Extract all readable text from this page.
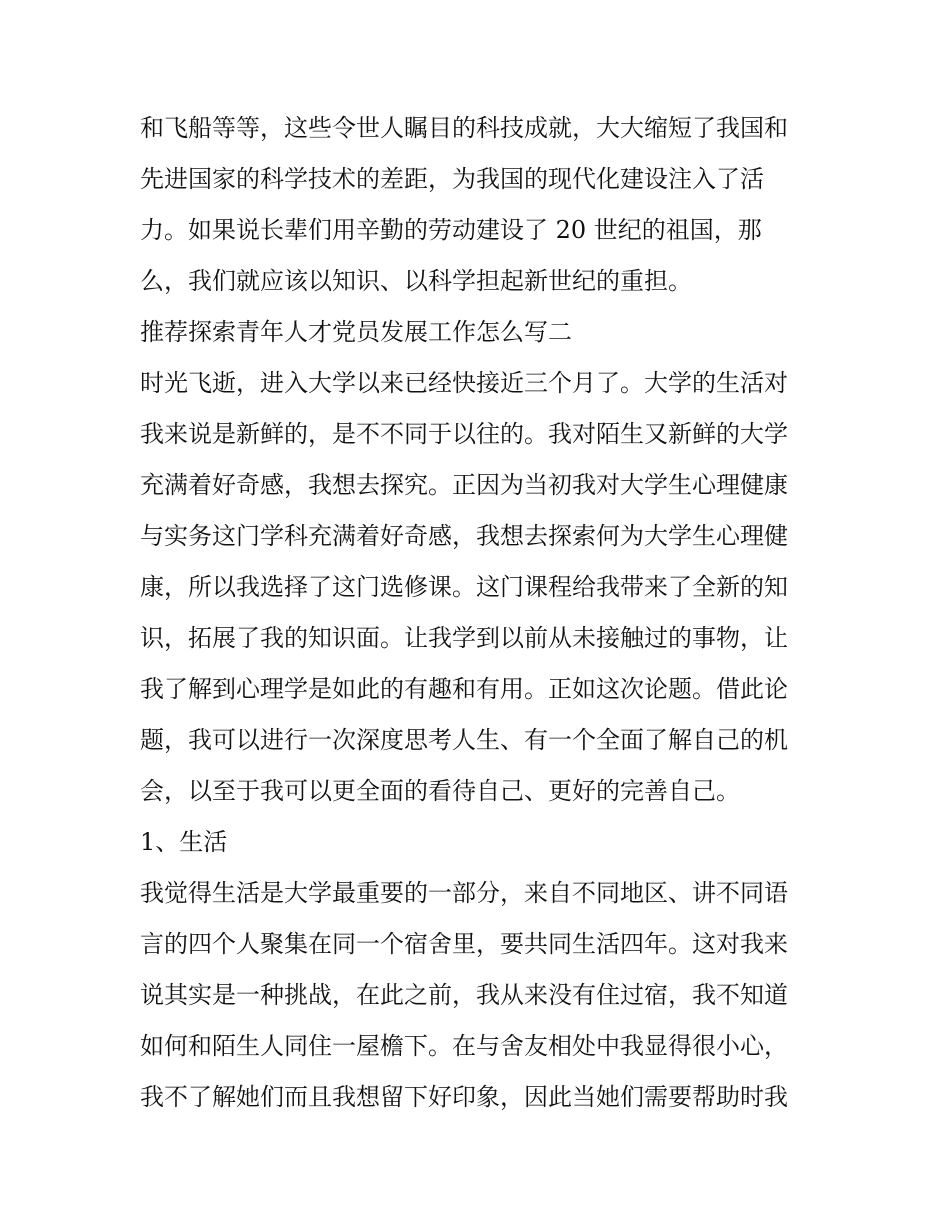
和飞船等等，这些令世人瞩目的科技成就，大大缩短了我国和
先进国家的科学技术的差距，为我国的现代化建设注入了活
力。如果说长辈们用辛勤的劳动建设了 20 世纪的祖国，那
么，我们就应该以知识、以科学担起新世纪的重担。
推荐探索青年人才党员发展工作怎么写二
时光飞逝，进入大学以来已经快接近三个月了。大学的生活对
我来说是新鲜的，是不不同于以往的。我对陌生又新鲜的大学
充满着好奇感，我想去探究。正因为当初我对大学生心理健康
与实务这门学科充满着好奇感，我想去探索何为大学生心理健
康，所以我选择了这门选修课。这门课程给我带来了全新的知
识，拓展了我的知识面。让我学到以前从未接触过的事物，让
我了解到心理学是如此的有趣和有用。正如这次论题。借此论
题，我可以进行一次深度思考人生、有一个全面了解自己的机
会，以至于我可以更全面的看待自己、更好的完善自己。
1、生活
我觉得生活是大学最重要的一部分，来自不同地区、讲不同语
言的四个人聚集在同一个宿舍里，要共同生活四年。这对我来
说其实是一种挑战，在此之前，我从来没有住过宿，我不知道
如何和陌生人同住一屋檐下。在与舍友相处中我显得很小心，
我不了解她们而且我想留下好印象，因此当她们需要帮助时我
